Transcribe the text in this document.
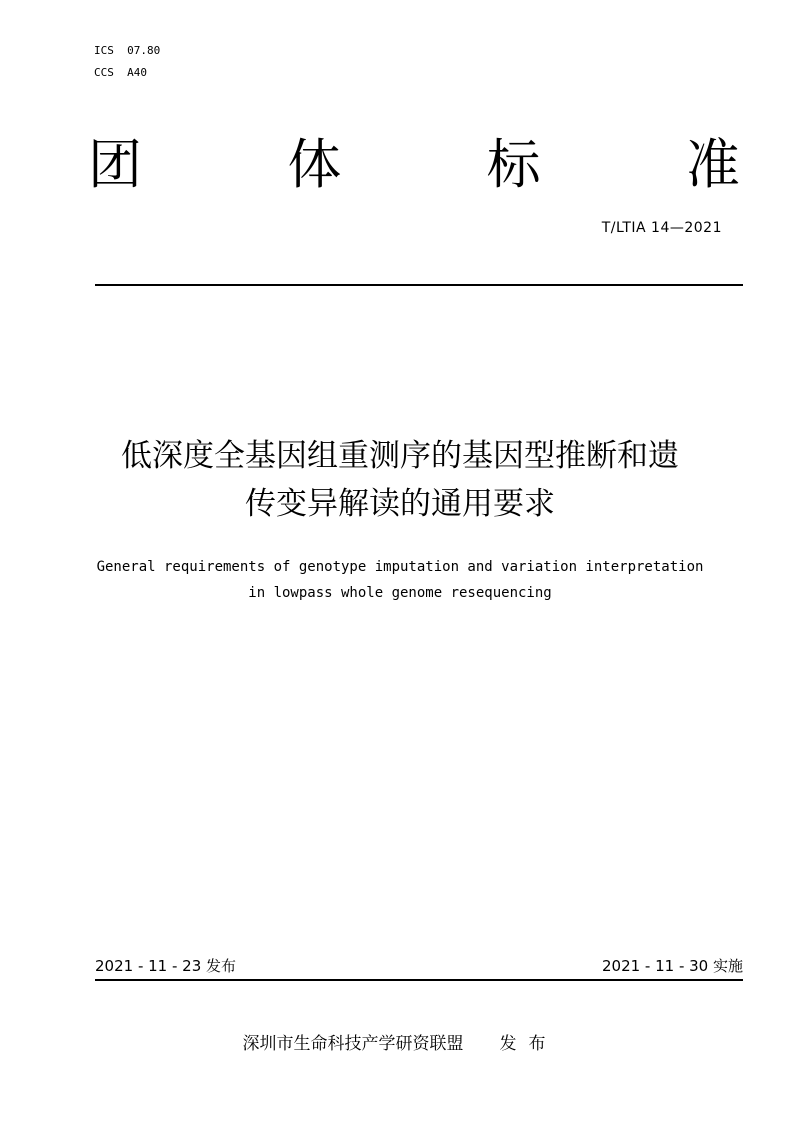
ICS  07.80
CCS  A40
团	体	标	准
T/LTIA 14—2021
低深度全基因组重测序的基因型推断和遗
传变异解读的通用要求
General requirements of genotype imputation and variation interpretation
in lowpass whole genome resequencing
2021 - 11 - 23 发布	2021 - 11 - 30 实施
深圳市生命科技产学研资联盟 发布
